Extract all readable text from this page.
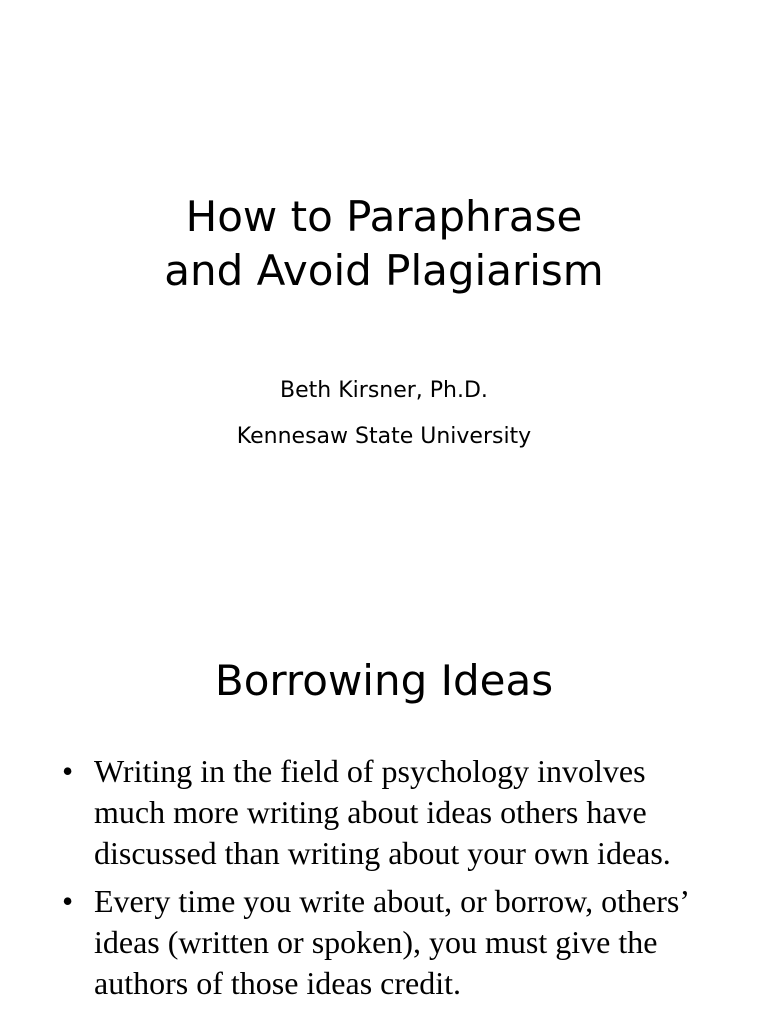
How to Paraphrase
and Avoid Plagiarism
Beth Kirsner, Ph.D.
Kennesaw State University
Borrowing Ideas
• Writing in the field of psychology involves much more writing about ideas others have discussed than writing about your own ideas.
• Every time you write about, or borrow, others’ ideas (written or spoken), you must give the authors of those ideas credit.
